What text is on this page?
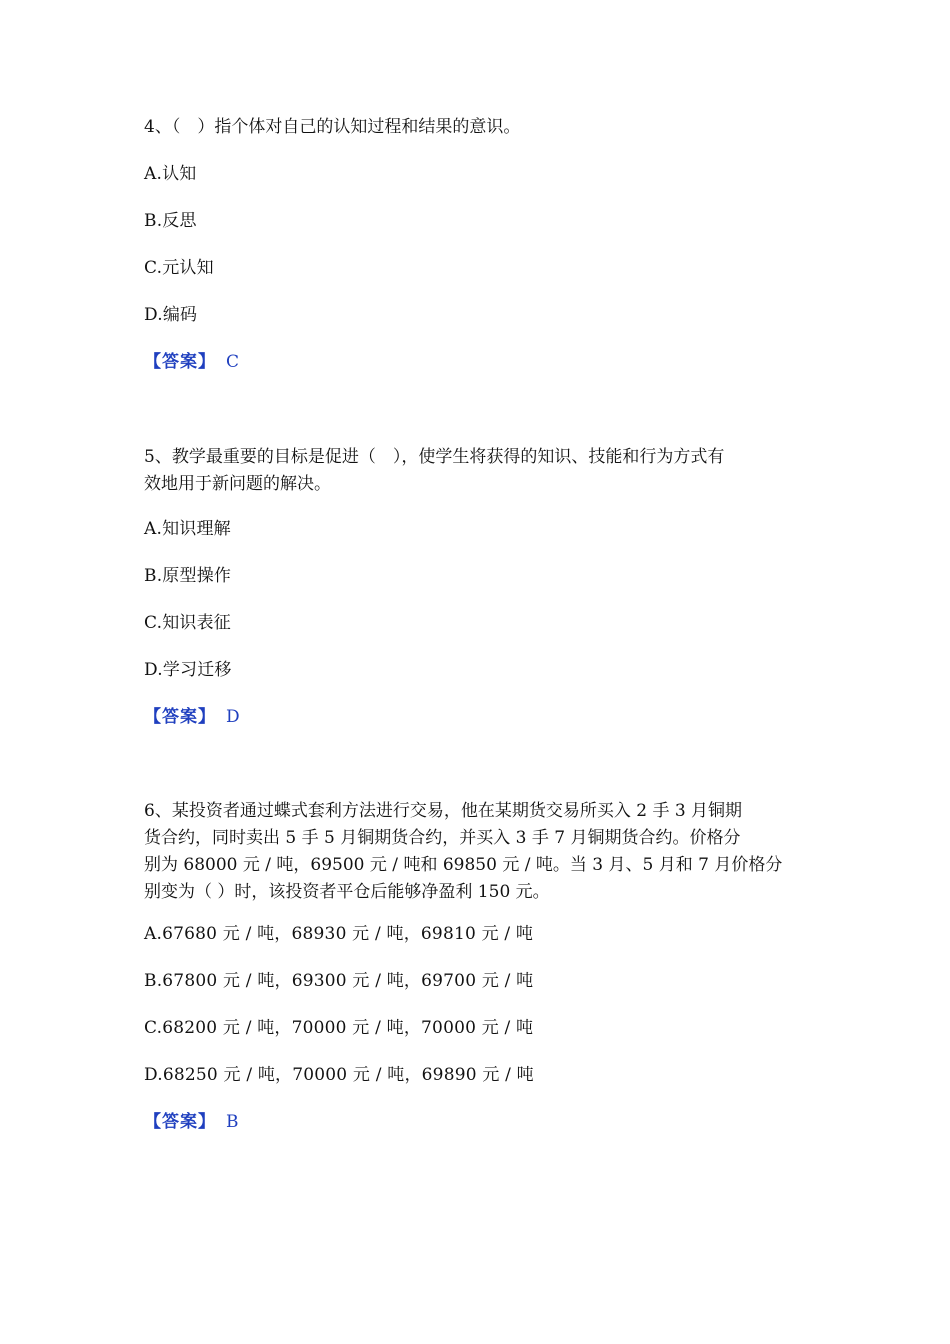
4、（　）指个体对自己的认知过程和结果的意识。
A.认知
B.反思
C.元认知
D.编码
【答案】 C
5、教学最重要的目标是促进（　），使学生将获得的知识、技能和行为方式有
效地用于新问题的解决。
A.知识理解
B.原型操作
C.知识表征
D.学习迁移
【答案】 D
6、某投资者通过蝶式套利方法进行交易，他在某期货交易所买入 2 手 3 月铜期
货合约，同时卖出 5 手 5 月铜期货合约，并买入 3 手 7 月铜期货合约。价格分
别为 68000 元 / 吨，69500 元 / 吨和 69850 元 / 吨。当 3 月、5 月和 7 月价格分
别变为（ ）时，该投资者平仓后能够净盈利 150 元。
A.67680 元 / 吨，68930 元 / 吨，69810 元 / 吨
B.67800 元 / 吨，69300 元 / 吨，69700 元 / 吨
C.68200 元 / 吨，70000 元 / 吨，70000 元 / 吨
D.68250 元 / 吨，70000 元 / 吨，69890 元 / 吨
【答案】 B
